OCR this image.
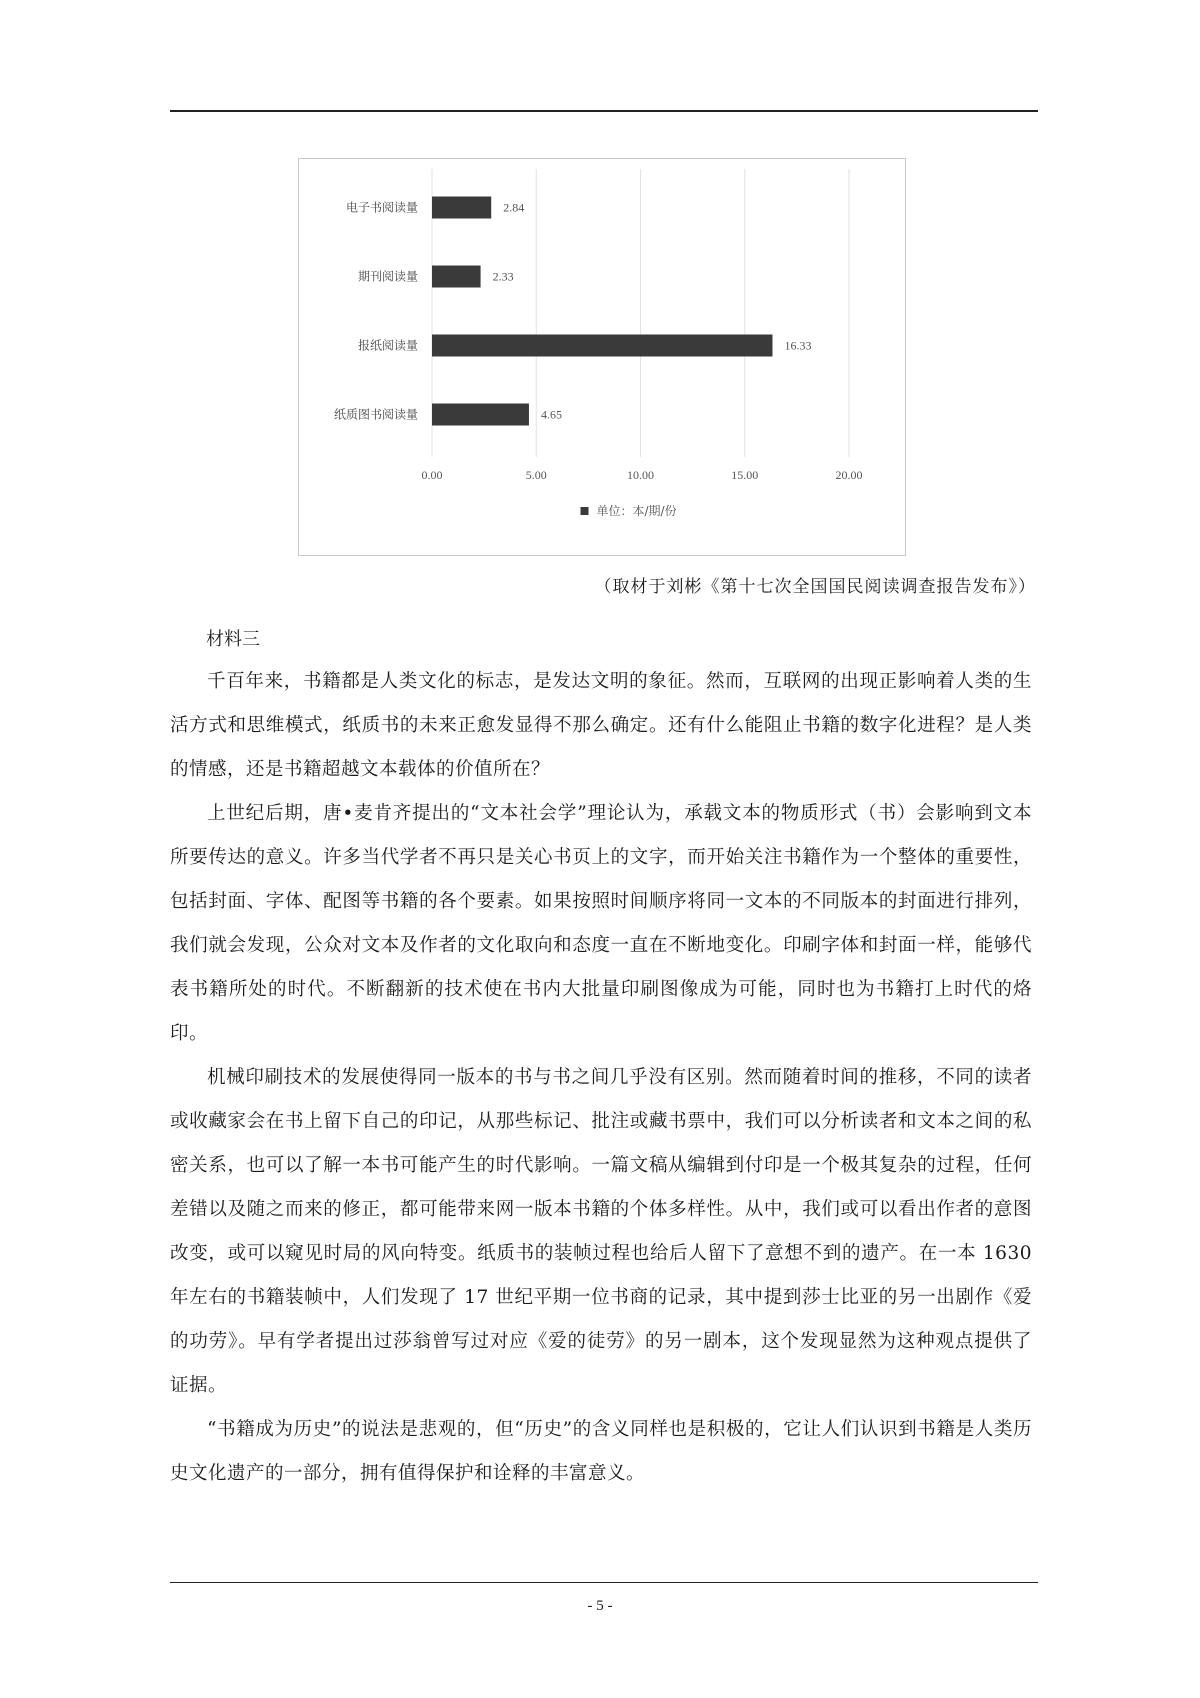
0.00	5.00	10.00	15.00	20.00
电子书阅读量	2.84
期刊阅读量	2.33
报纸阅读量	16.33
纸质图书阅读量	4.65
单位：本/期/份
（取材于刘彬《第十七次全国国民阅读调查报告发布》）

材料三

千百年来，书籍都是人类文化的标志，是发达文明的象征。然而，互联网的出现正影响着人类的生活方式和思维模式，纸质书的未来正愈发显得不那么确定。还有什么能阻止书籍的数字化进程？是人类的情感，还是书籍超越文本载体的价值所在？

上世纪后期，唐•麦肯齐提出的“文本社会学”理论认为，承载文本的物质形式（书）会影响到文本所要传达的意义。许多当代学者不再只是关心书页上的文字，而开始关注书籍作为一个整体的重要性，包括封面、字体、配图等书籍的各个要素。如果按照时间顺序将同一文本的不同版本的封面进行排列，我们就会发现，公众对文本及作者的文化取向和态度一直在不断地变化。印刷字体和封面一样，能够代表书籍所处的时代。不断翻新的技术使在书内大批量印刷图像成为可能，同时也为书籍打上时代的烙印。

机械印刷技术的发展使得同一版本的书与书之间几乎没有区别。然而随着时间的推移，不同的读者或收藏家会在书上留下自己的印记，从那些标记、批注或藏书票中，我们可以分析读者和文本之间的私密关系，也可以了解一本书可能产生的时代影响。一篇文稿从编辑到付印是一个极其复杂的过程，任何差错以及随之而来的修正，都可能带来网一版本书籍的个体多样性。从中，我们或可以看出作者的意图改变，或可以窥见时局的风向特变。纸质书的装帧过程也给后人留下了意想不到的遗产。在一本 1630 年左右的书籍装帧中，人们发现了 17 世纪平期一位书商的记录，其中提到莎士比亚的另一出剧作《爱的功劳》。早有学者提出过莎翁曾写过对应《爱的徒劳》的另一剧本，这个发现显然为这种观点提供了证据。

“书籍成为历史”的说法是悲观的，但“历史”的含义同样也是积极的，它让人们认识到书籍是人类历史文化遗产的一部分，拥有值得保护和诠释的丰富意义。

- 5 -
